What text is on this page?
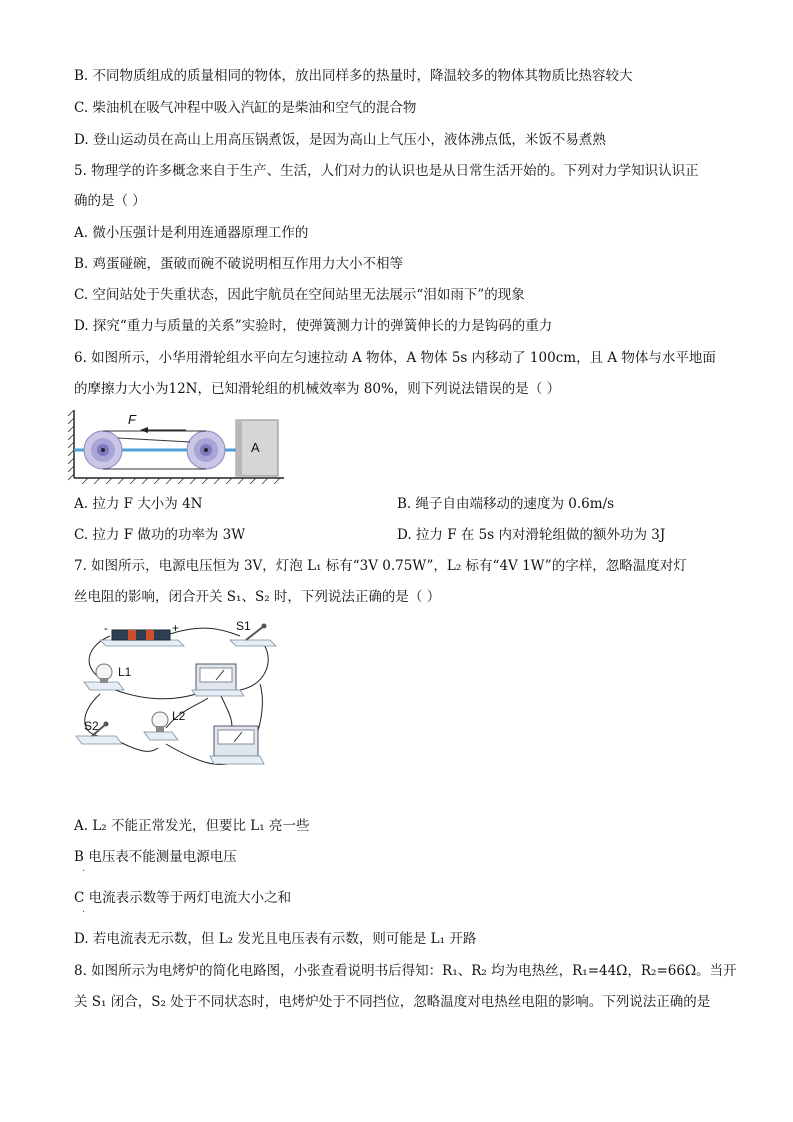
B. 不同物质组成的质量相同的物体，放出同样多的热量时，降温较多的物体其物质比热容较大
C. 柴油机在吸气冲程中吸入汽缸的是柴油和空气的混合物
D. 登山运动员在高山上用高压锅煮饭，是因为高山上气压小，液体沸点低，米饭不易煮熟
5. 物理学的许多概念来自于生产、生活，人们对力的认识也是从日常生活开始的。下列对力学知识认识正
确的是（ ）
A. 微小压强计是利用连通器原理工作的
B. 鸡蛋碰碗，蛋破而碗不破说明相互作用力大小不相等
C. 空间站处于失重状态，因此宇航员在空间站里无法展示“泪如雨下”的现象
D. 探究“重力与质量的关系”实验时，使弹簧测力计的弹簧伸长的力是钩码的重力
6. 如图所示，小华用滑轮组水平向左匀速拉动 A 物体，A 物体 5s 内移动了 100cm，且 A 物体与水平地面
的摩擦力大小为12N，已知滑轮组的机械效率为 80%，则下列说法错误的是（ ）
F
A
A. 拉力 F 大小为 4N	B. 绳子自由端移动的速度为 0.6m/s
C. 拉力 F 做功的功率为 3W	D. 拉力 F 在 5s 内对滑轮组做的额外功为 3J
7. 如图所示，电源电压恒为 3V，灯泡 L₁ 标有“3V 0.75W”，L₂ 标有“4V 1W”的字样，忽略温度对灯
丝电阻的影响，闭合开关 S₁、S₂ 时，下列说法正确的是（ ）
-	+	S1
L1
S2
L2
A. L₂ 不能正常发光，但要比 L₁ 亮一些
B 电压表不能测量电源电压
·
C 电流表示数等于两灯电流大小之和
·
D. 若电流表无示数，但 L₂ 发光且电压表有示数，则可能是 L₁ 开路
8. 如图所示为电烤炉的简化电路图，小张查看说明书后得知：R₁、R₂ 均为电热丝，R₁=44Ω，R₂=66Ω。当开
关 S₁ 闭合，S₂ 处于不同状态时，电烤炉处于不同挡位，忽略温度对电热丝电阻的影响。下列说法正确的是
